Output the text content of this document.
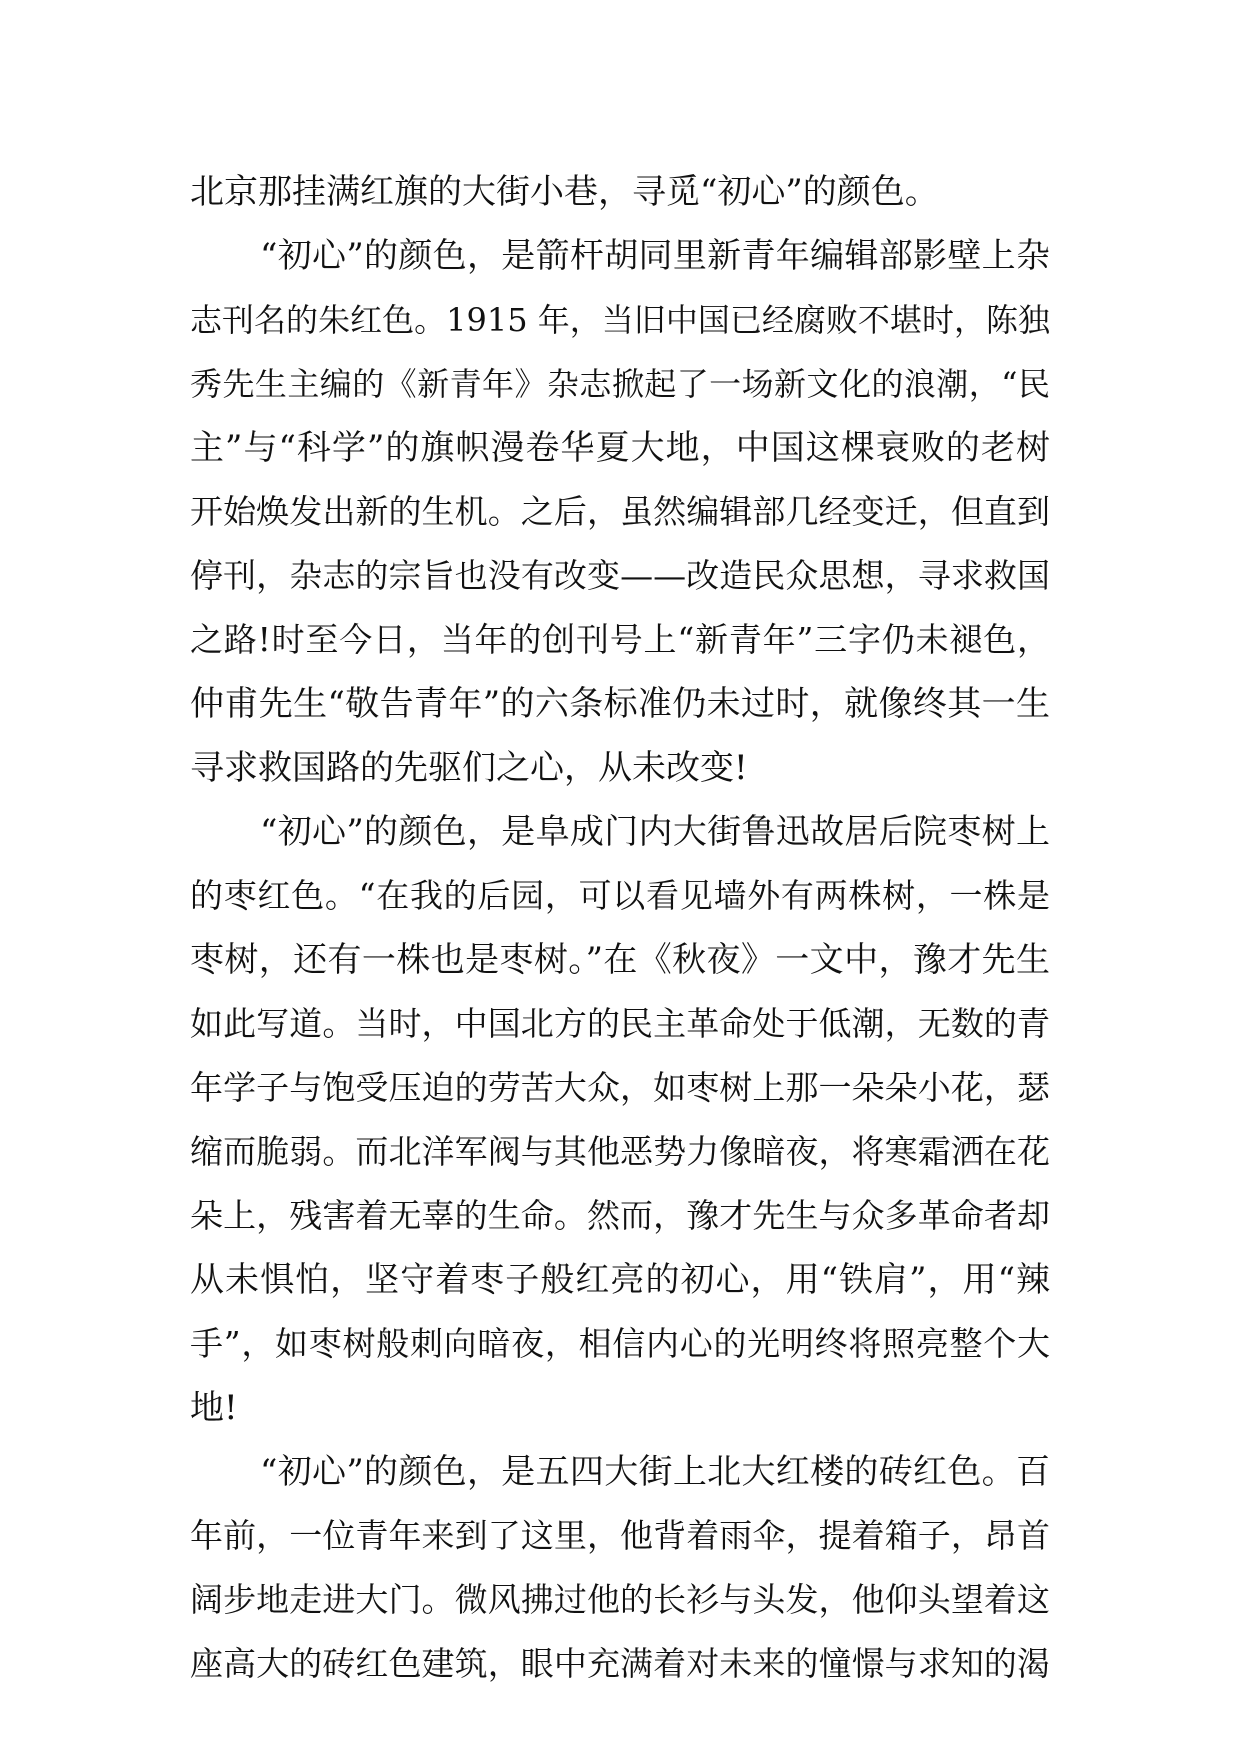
北京那挂满红旗的大街小巷，寻觅“初心”的颜色。
“初心”的颜色，是箭杆胡同里新青年编辑部影壁上杂
志刊名的朱红色。1915 年，当旧中国已经腐败不堪时，陈独
秀先生主编的《新青年》杂志掀起了一场新文化的浪潮，“民
主”与“科学”的旗帜漫卷华夏大地，中国这棵衰败的老树
开始焕发出新的生机。之后，虽然编辑部几经变迁，但直到
停刊，杂志的宗旨也没有改变——改造民众思想，寻求救国
之路!时至今日，当年的创刊号上“新青年”三字仍未褪色，
仲甫先生“敬告青年”的六条标准仍未过时，就像终其一生
寻求救国路的先驱们之心，从未改变!
“初心”的颜色，是阜成门内大街鲁迅故居后院枣树上
的枣红色。“在我的后园，可以看见墙外有两株树，一株是
枣树，还有一株也是枣树。”在《秋夜》一文中，豫才先生
如此写道。当时，中国北方的民主革命处于低潮，无数的青
年学子与饱受压迫的劳苦大众，如枣树上那一朵朵小花，瑟
缩而脆弱。而北洋军阀与其他恶势力像暗夜，将寒霜洒在花
朵上，残害着无辜的生命。然而，豫才先生与众多革命者却
从未惧怕，坚守着枣子般红亮的初心，用“铁肩”，用“辣
手”，如枣树般刺向暗夜，相信内心的光明终将照亮整个大
地!
“初心”的颜色，是五四大街上北大红楼的砖红色。百
年前，一位青年来到了这里，他背着雨伞，提着箱子，昂首
阔步地走进大门。微风拂过他的长衫与头发，他仰头望着这
座高大的砖红色建筑，眼中充满着对未来的憧憬与求知的渴
